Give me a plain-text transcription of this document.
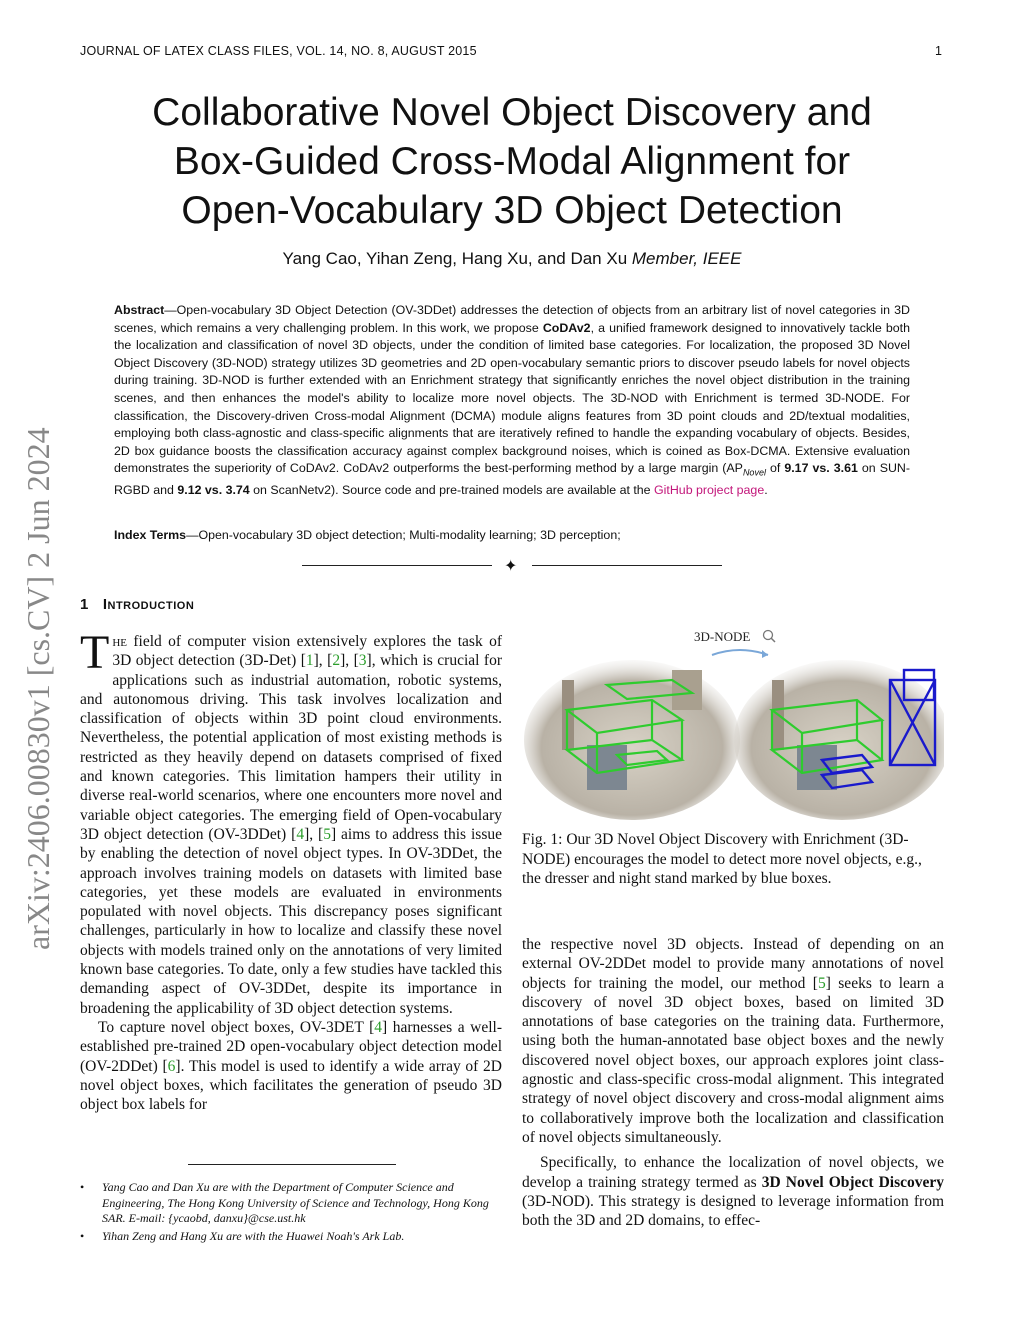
JOURNAL OF LATEX CLASS FILES, VOL. 14, NO. 8, AUGUST 2015	1
Collaborative Novel Object Discovery and
Box-Guided Cross-Modal Alignment for
Open-Vocabulary 3D Object Detection
Yang Cao, Yihan Zeng, Hang Xu, and Dan Xu Member, IEEE
Abstract—Open-vocabulary 3D Object Detection (OV-3DDet) addresses the detection of objects from an arbitrary list of novel categories in 3D scenes, which remains a very challenging problem. In this work, we propose CoDAv2, a unified framework designed to innovatively tackle both the localization and classification of novel 3D objects, under the condition of limited base categories. For localization, the proposed 3D Novel Object Discovery (3D-NOD) strategy utilizes 3D geometries and 2D open-vocabulary semantic priors to discover pseudo labels for novel objects during training. 3D-NOD is further extended with an Enrichment strategy that significantly enriches the novel object distribution in the training scenes, and then enhances the model's ability to localize more novel objects. The 3D-NOD with Enrichment is termed 3D-NODE. For classification, the Discovery-driven Cross-modal Alignment (DCMA) module aligns features from 3D point clouds and 2D/textual modalities, employing both class-agnostic and class-specific alignments that are iteratively refined to handle the expanding vocabulary of objects. Besides, 2D box guidance boosts the classification accuracy against complex background noises, which is coined as Box-DCMA. Extensive evaluation demonstrates the superiority of CoDAv2. CoDAv2 outperforms the best-performing method by a large margin ($AP_{Novel}$ of 9.17 vs. 3.61 on SUN-RGBD and 9.12 vs. 3.74 on ScanNetv2). Source code and pre-trained models are available at the GitHub project page.
Index Terms—Open-vocabulary 3D object detection; Multi-modality learning; 3D perception;
✦
arXiv:2406.00830v1 [cs.CV] 2 Jun 2024	1 Introduction

The field of computer vision extensively explores the task of 3D object detection (3D-Det) [1], [2], [3], which is crucial for applications such as industrial automation, robotic systems, and autonomous driving. This task involves localization and classification of objects within 3D point cloud environments. Nevertheless, the potential application of most existing methods is restricted as they heavily depend on datasets comprised of fixed and known categories. This limitation hampers their utility in diverse real-world scenarios, where one encounters more novel and variable object categories. The emerging field of Open-vocabulary 3D object detection (OV-3DDet) [4], [5] aims to address this issue by enabling the detection of novel object types. In OV-3DDet, the approach involves training models on datasets with limited base categories, yet these models are evaluated in environments populated with novel objects. This discrepancy poses significant challenges, particularly in how to localize and classify these novel objects with models trained only on the annotations of very limited known base categories. To date, only a few studies have tackled this demanding aspect of OV-3DDet, despite its importance in broadening the applicability of 3D object detection systems.

To capture novel object boxes, OV-3DET [4] harnesses a well-established pre-trained 2D open-vocabulary object detection model (OV-2DDet) [6]. This model is used to identify a wide array of 2D novel object boxes, which facilitates the generation of pseudo 3D object box labels for

3D-NODE
Fig. 1: Our 3D Novel Object Discovery with Enrichment (3D-NODE) encourages the model to detect more novel objects, e.g., the dresser and night stand marked by blue boxes.

the respective novel 3D objects. Instead of depending on an external OV-2DDet model to provide many annotations of novel objects for training the model, our method [5] seeks to learn a discovery of novel 3D object boxes, based on limited 3D annotations of base categories on the training data. Furthermore, using both the human-annotated base object boxes and the newly discovered novel object boxes, our approach explores joint class-agnostic and class-specific cross-modal alignment. This integrated strategy of novel object discovery and cross-modal alignment aims to collaboratively improve both the localization and classification of novel objects simultaneously.

Specifically, to enhance the localization of novel objects, we develop a training strategy termed as 3D Novel Object Discovery (3D-NOD). This strategy is designed to leverage information from both the 3D and 2D domains, to effec-

• Yang Cao and Dan Xu are with the Department of Computer Science and Engineering, The Hong Kong University of Science and Technology, Hong Kong SAR. E-mail: {ycaobd, danxu}@cse.ust.hk
• Yihan Zeng and Hang Xu are with the Huawei Noah's Ark Lab.
